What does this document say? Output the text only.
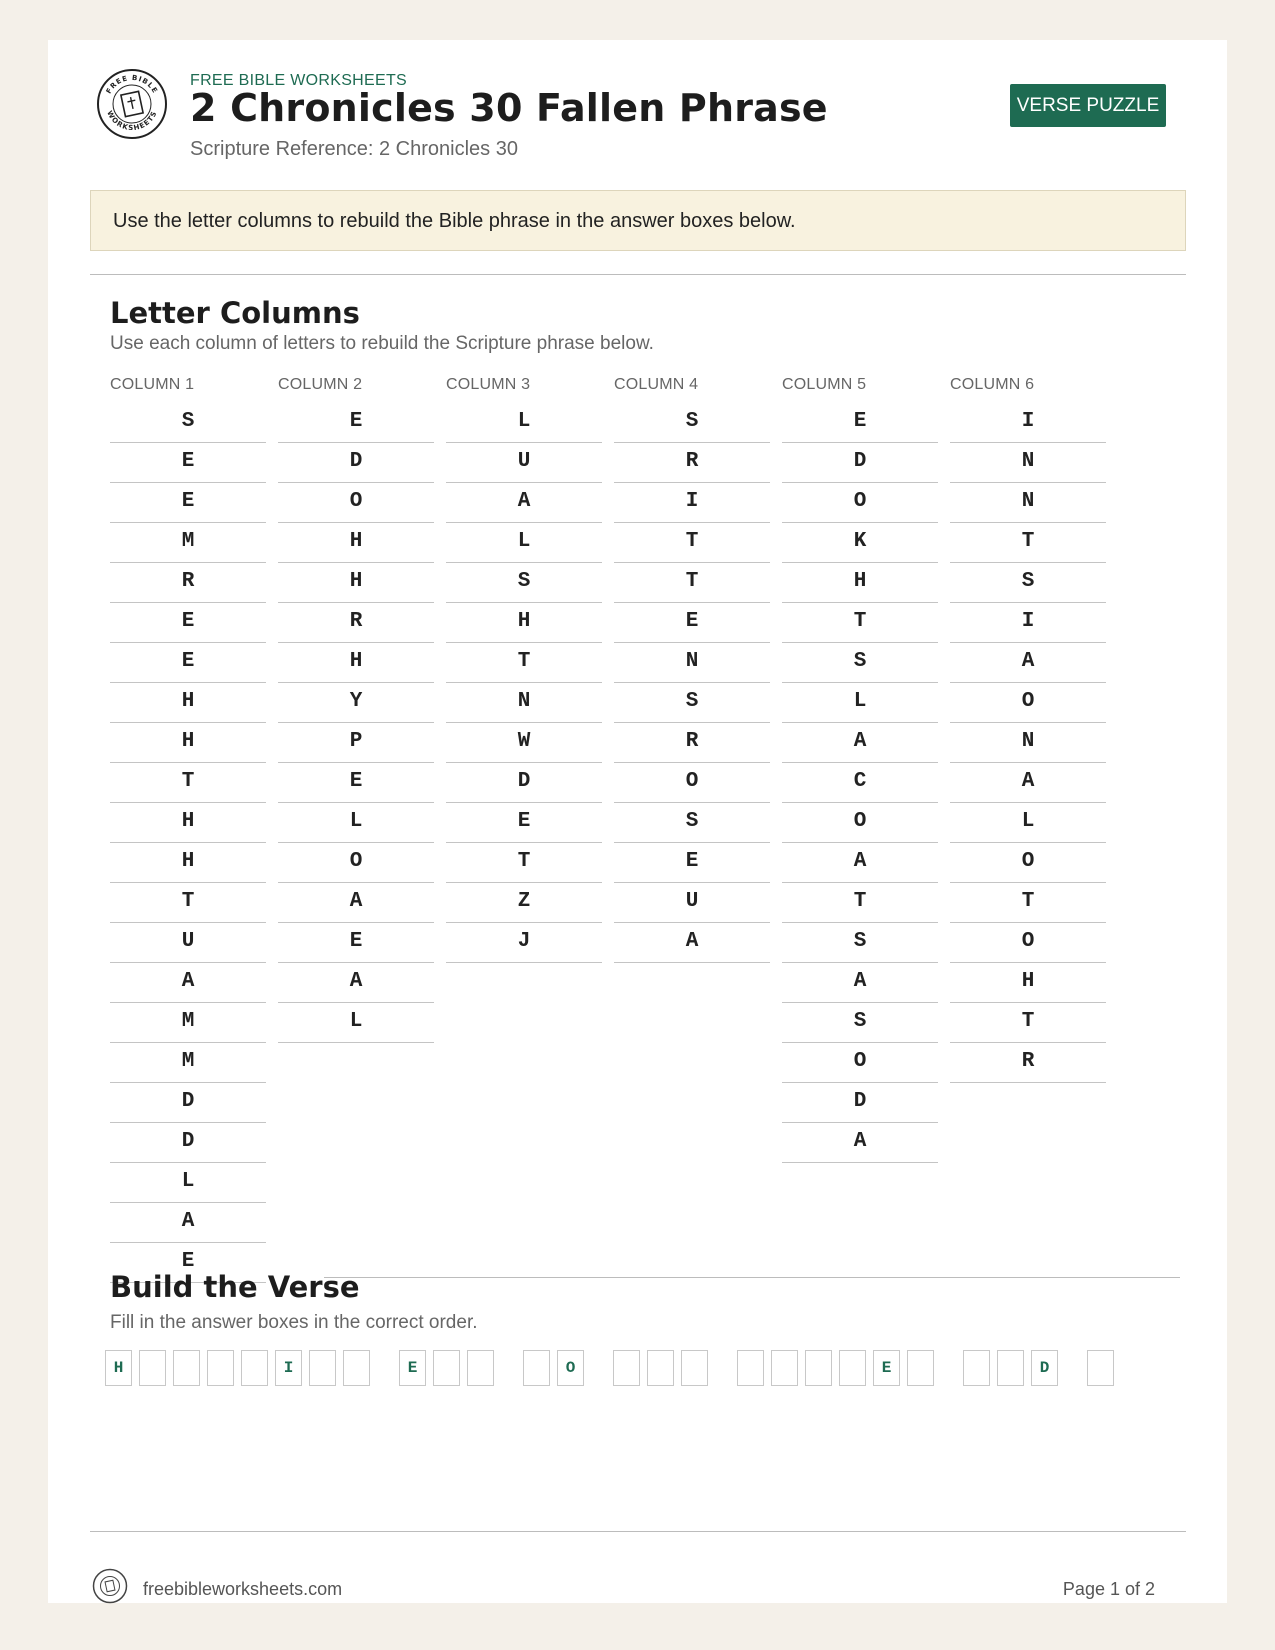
FREE BIBLE
WORKSHEETS
FREE BIBLE WORKSHEETS
2 Chronicles 30 Fallen Phrase
Scripture Reference: 2 Chronicles 30
VERSE PUZZLE
Use the letter columns to rebuild the Bible phrase in the answer boxes below.
Letter Columns
Use each column of letters to rebuild the Scripture phrase below.
COLUMN 1
S
E
E
M
R
E
E
H
H
T
H
H
T
U
A
M
M
D
D
L
A
E
COLUMN 2
E
D
O
H
H
R
H
Y
P
E
L
O
A
E
A
L
COLUMN 3
L
U
A
L
S
H
T
N
W
D
E
T
Z
J
COLUMN 4
S
R
I
T
T
E
N
S
R
O
S
E
U
A
COLUMN 5
E
D
O
K
H
T
S
L
A
C
O
A
T
S
A
S
O
D
A
COLUMN 6
I
N
N
T
S
I
A
O
N
A
L
O
T
O
H
T
R
Build the Verse
Fill in the answer boxes in the correct order.
H	I	E	O	E	D
freebibleworksheets.com	Page 1 of 2
